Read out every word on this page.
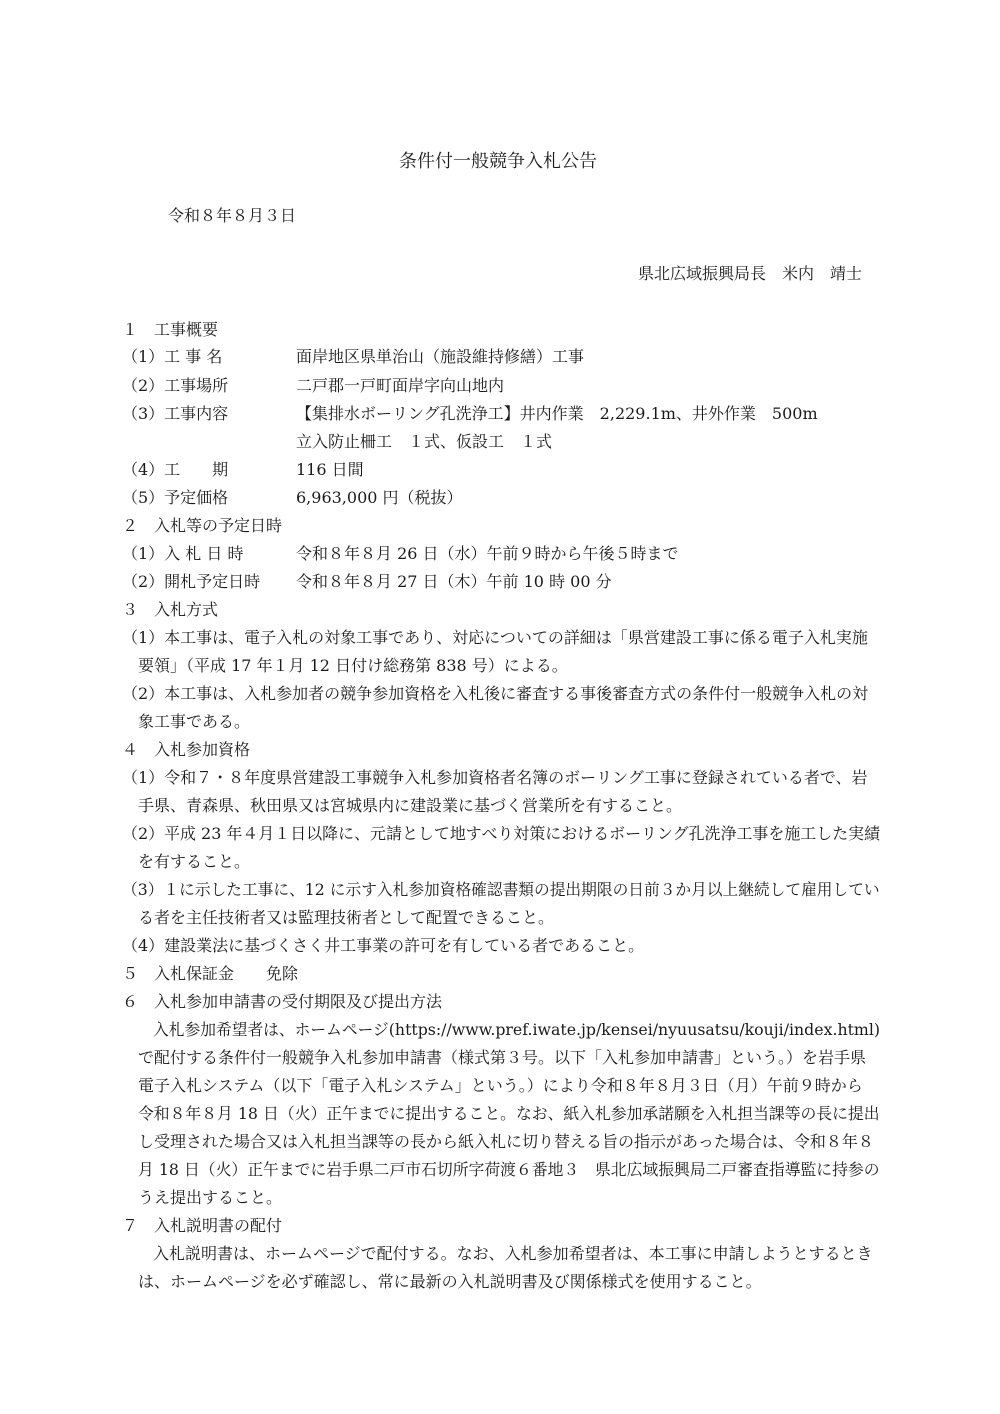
条件付一般競争入札公告
令和８年８月３日
県北広域振興局長　米内　靖士
１　工事概要
（1）工 事 名	面岸地区県単治山（施設維持修繕）工事
（2）工事場所	二戸郡一戸町面岸字向山地内
（3）工事内容	【集排水ボーリング孔洗浄工】井内作業　2,229.1m、井外作業　500m
立入防止柵工　１式、仮設工　１式
（4）工　　期	116 日間
（5）予定価格	6,963,000 円（税抜）
２　入札等の予定日時
（1）入 札 日 時	令和８年８月 26 日（水）午前９時から午後５時まで
（2）開札予定日時 令和８年８月 27 日（木）午前 10 時 00 分
３　入札方式
（1）本工事は、電子入札の対象工事であり、対応についての詳細は「県営建設工事に係る電子入札実施
要領」（平成 17 年１月 12 日付け総務第 838 号）による。
（2）本工事は、入札参加者の競争参加資格を入札後に審査する事後審査方式の条件付一般競争入札の対
象工事である。
４　入札参加資格
（1）令和７・８年度県営建設工事競争入札参加資格者名簿のボーリング工事に登録されている者で、岩
手県、青森県、秋田県又は宮城県内に建設業に基づく営業所を有すること。
（2）平成 23 年４月１日以降に、元請として地すべり対策におけるボーリング孔洗浄工事を施工した実績
を有すること。
（3）１に示した工事に、12 に示す入札参加資格確認書類の提出期限の日前３か月以上継続して雇用してい
る者を主任技術者又は監理技術者として配置できること。
（4）建設業法に基づくさく井工事業の許可を有している者であること。
５　入札保証金　　免除
６　入札参加申請書の受付期限及び提出方法
入札参加希望者は、ホームページ(https://www.pref.iwate.jp/kensei/nyuusatsu/kouji/index.html)
で配付する条件付一般競争入札参加申請書（様式第３号。以下「入札参加申請書」という。）を岩手県
電子入札システム（以下「電子入札システム」という。）により令和８年８月３日（月）午前９時から
令和８年８月 18 日（火）正午までに提出すること。なお、紙入札参加承諾願を入札担当課等の長に提出
し受理された場合又は入札担当課等の長から紙入札に切り替える旨の指示があった場合は、令和８年８
月 18 日（火）正午までに岩手県二戸市石切所字荷渡６番地３　県北広域振興局二戸審査指導監に持参の
うえ提出すること。
７　入札説明書の配付
入札説明書は、ホームページで配付する。なお、入札参加希望者は、本工事に申請しようとするとき
は、ホームページを必ず確認し、常に最新の入札説明書及び関係様式を使用すること。
